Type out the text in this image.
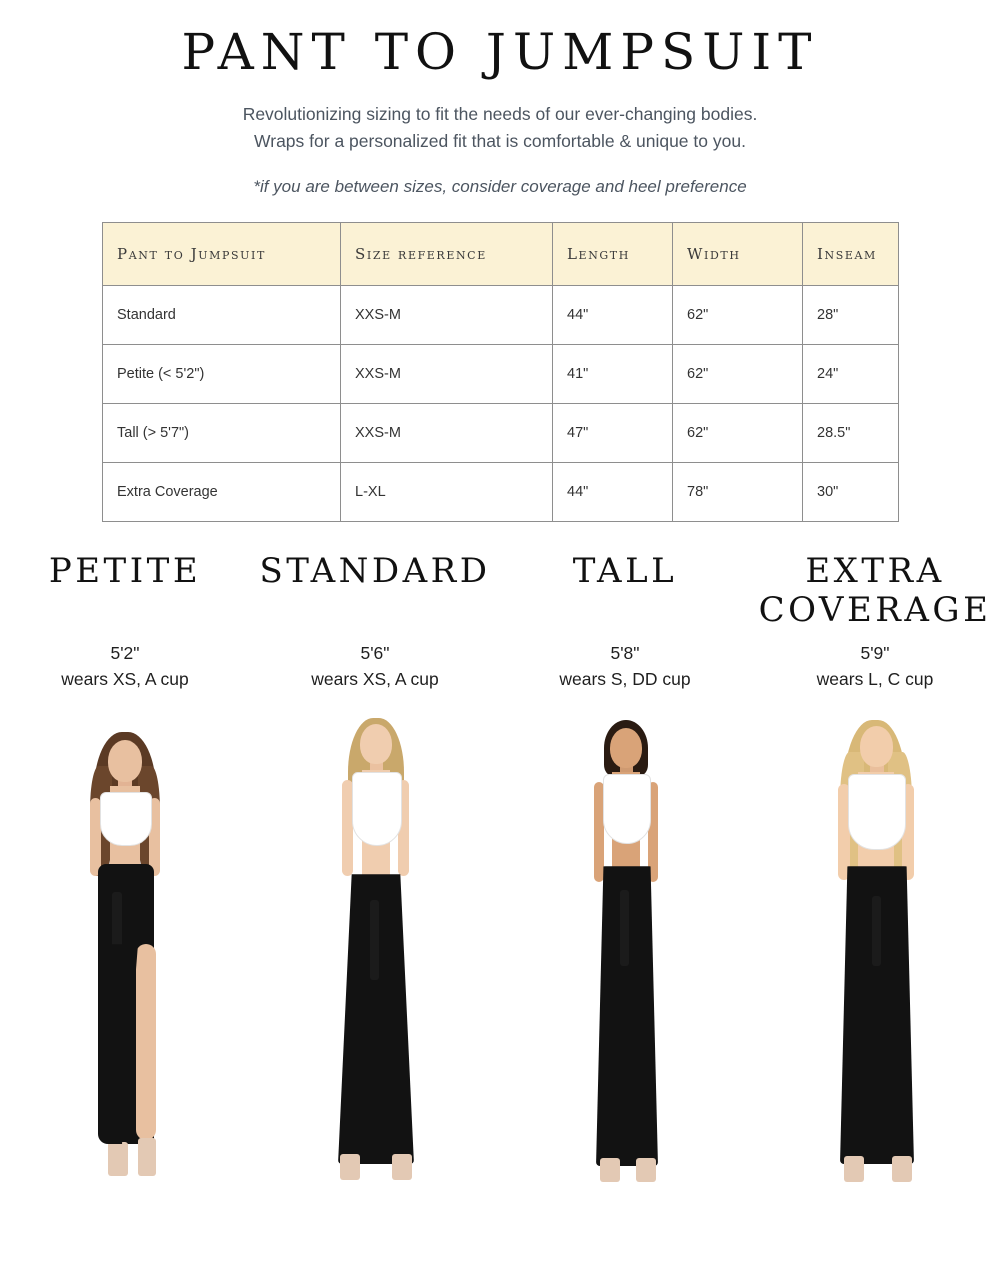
PANT TO JUMPSUIT
Revolutionizing sizing to fit the needs of our ever-changing bodies.
Wraps for a personalized fit that is comfortable & unique to you.
*if you are between sizes, consider coverage and heel preference
Pant to Jumpsuit	Size reference	Length	Width	Inseam
Standard	XXS-M	44"	62"	28"
Petite (< 5'2")	XXS-M	41"	62"	24"
Tall (> 5'7")	XXS-M	47"	62"	28.5"
Extra Coverage	L-XL	44"	78"	30"
PETITE
5'2"
wears XS, A cup
STANDARD
5'6"
wears XS, A cup
TALL
5'8"
wears S, DD cup
EXTRA
COVERAGE
5'9"
wears L, C cup
